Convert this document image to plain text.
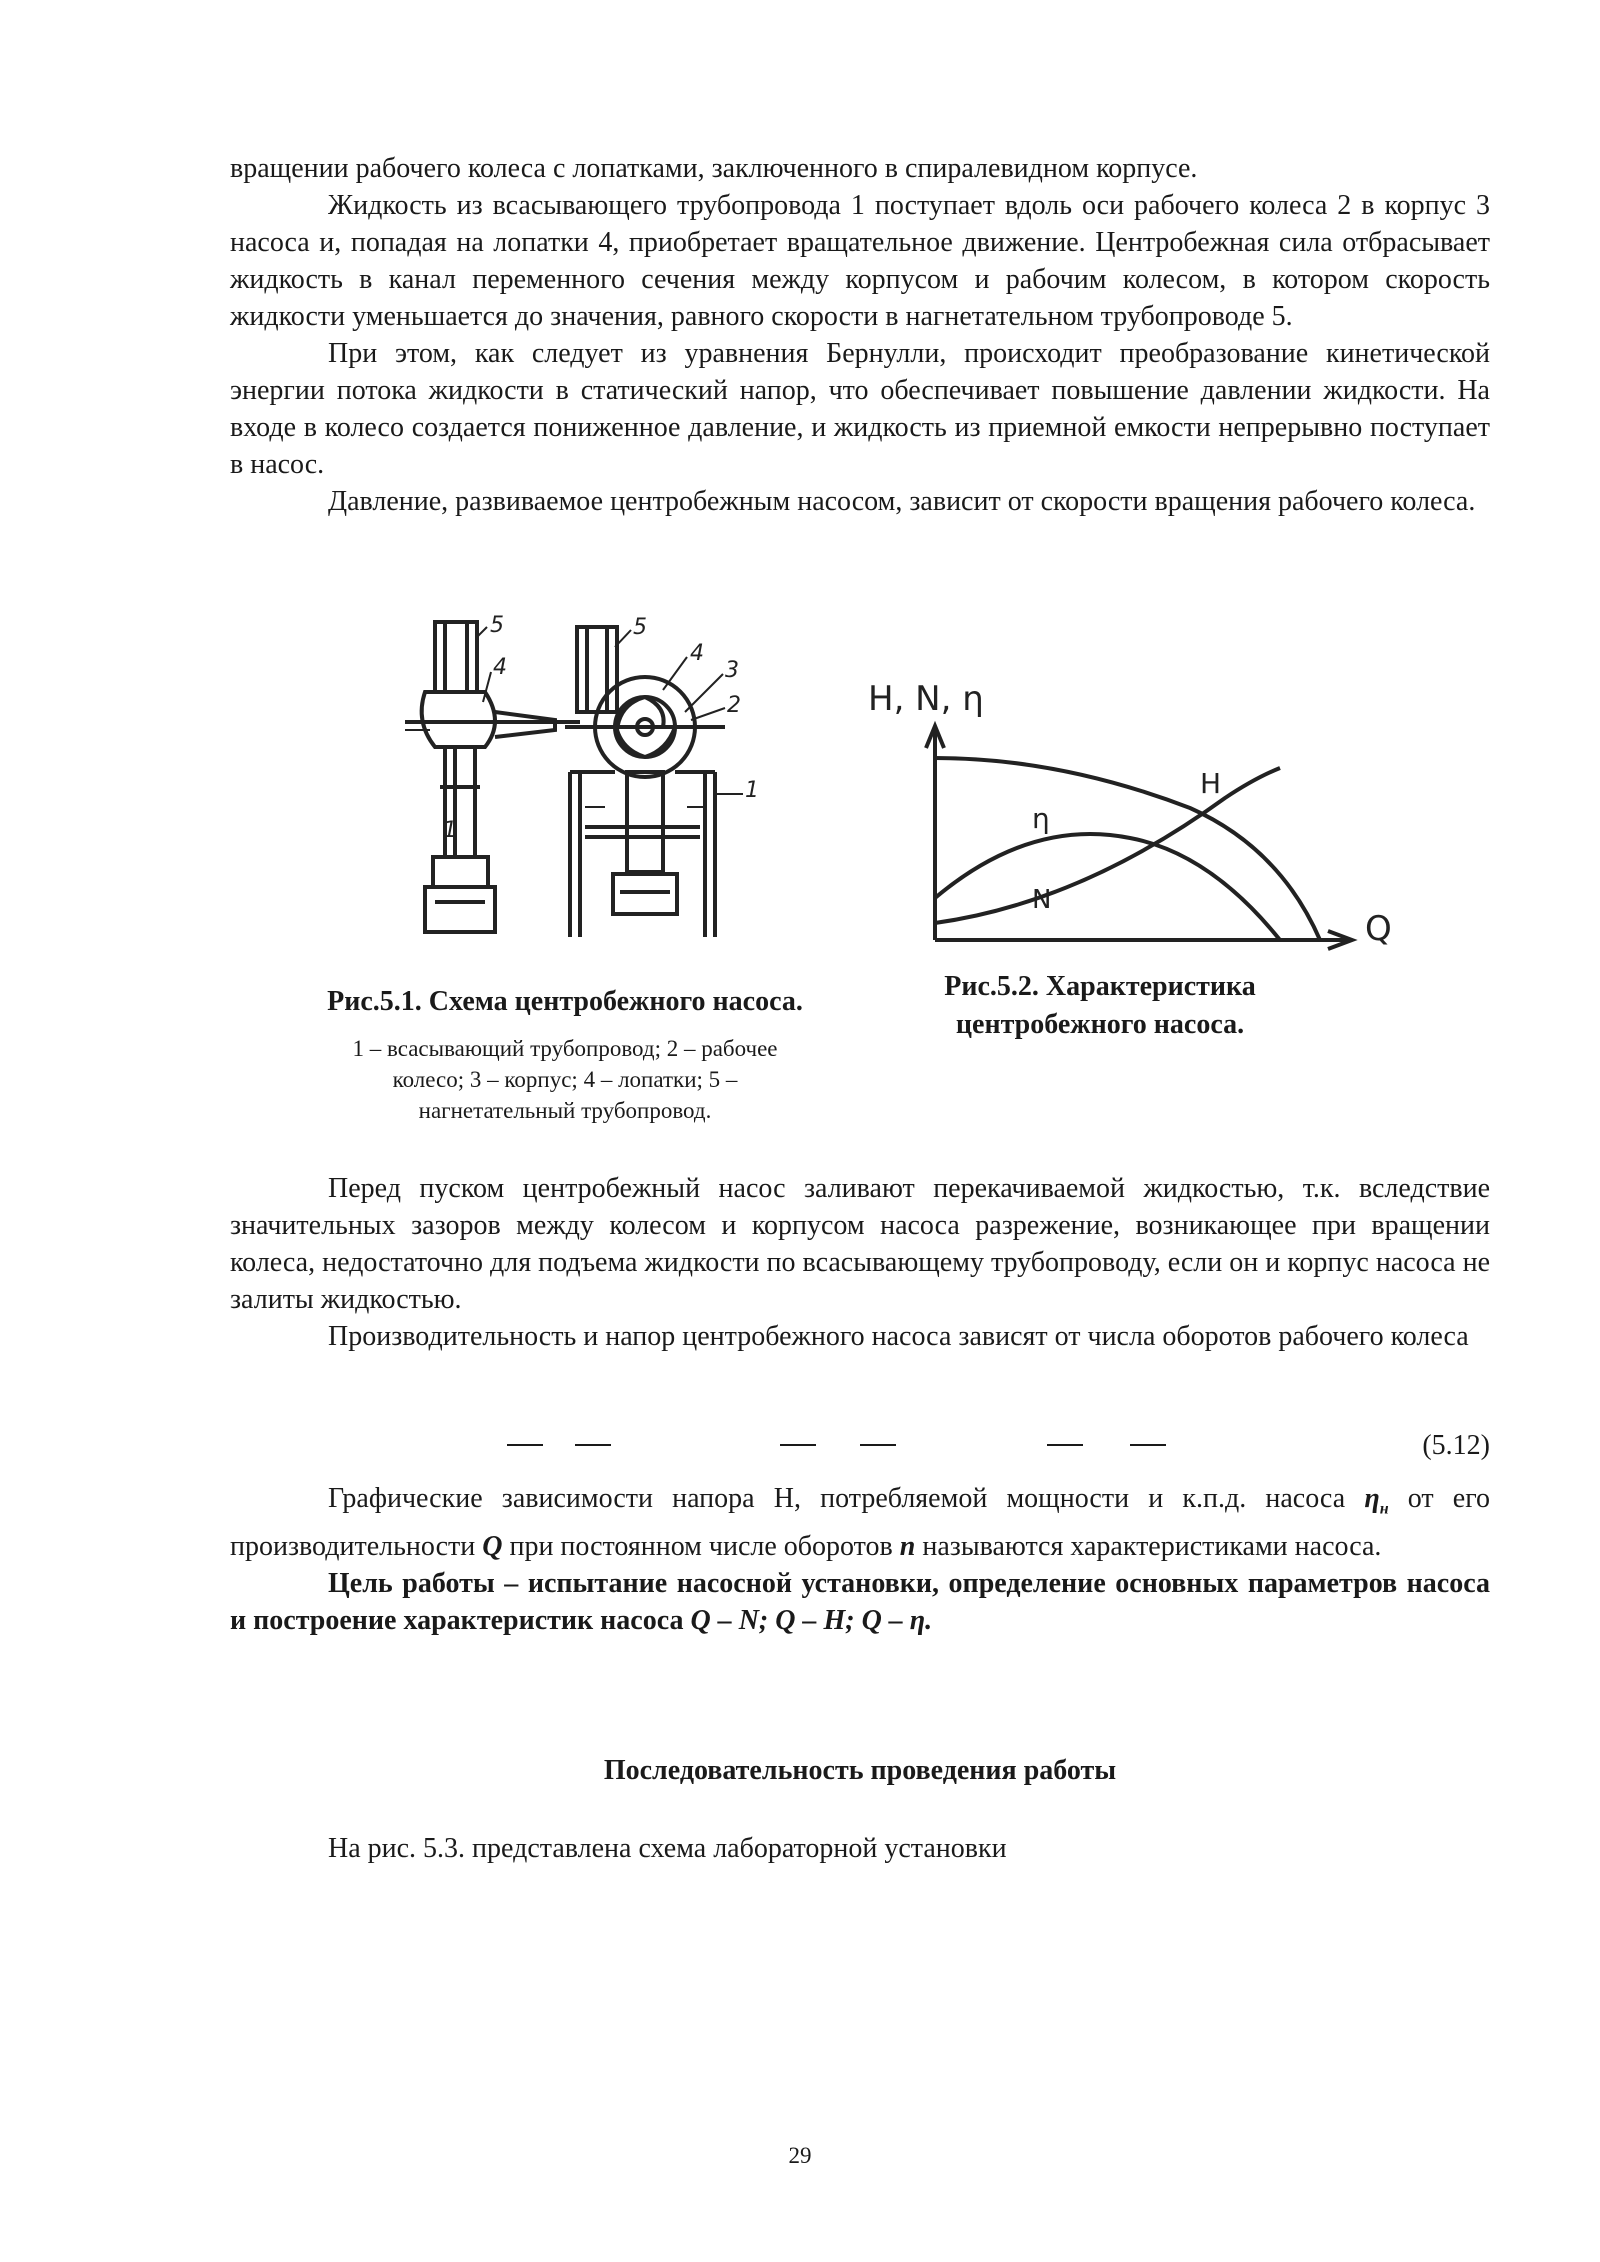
вращении рабочего колеса с лопатками, заключенного в спиралевидном корпусе.

Жидкость из всасывающего трубопровода 1 поступает вдоль оси рабочего колеса 2 в корпус 3 насоса и, попадая на лопатки 4, приобретает вращательное движение. Центробежная сила отбрасывает жидкость в канал переменного сечения между корпусом и рабочим колесом, в котором скорость жидкости уменьшается до значения, равного скорости в нагнетательном трубопроводе 5.

При этом, как следует из уравнения Бернулли, происходит преобразование кинетической энергии потока жидкости в статический напор, что обеспечивает повышение давлении жидкости. На входе в колесо создается пониженное давление, и жидкость из приемной емкости непрерывно поступает в насос.

Давление, развиваемое центробежным насосом, зависит от скорости вращения рабочего колеса.

5
4
5
4
3
2
1
1
H, N, η
Q
H
η
N
Рис.5.1. Схема центробежного насоса.
1 – всасывающий трубопровод; 2 – рабочее колесо; 3 – корпус; 4 – лопатки; 5 – нагнетательный трубопровод.
Рис.5.2. Характеристика центробежного насоса.

Перед пуском центробежный насос заливают перекачиваемой жидкостью, т.к. вследствие значительных зазоров между колесом и корпусом насоса разрежение, возникающее при вращении колеса, недостаточно для подъема жидкости по всасывающему трубопроводу, если он и корпус насоса не залиты жидкостью.

Производительность и напор центробежного насоса зависят от числа оборотов рабочего колеса

(5.12)

Графические зависимости напора Н, потребляемой мощности и к.п.д. насоса $\eta_н$ от его производительности Q при постоянном числе оборотов n называются характеристиками насоса.

Цель работы – испытание насосной установки, определение основных параметров насоса и построение характеристик насоса Q – N; Q – H; Q – η.

Последовательность проведения работы

На рис. 5.3. представлена схема лабораторной установки

29
